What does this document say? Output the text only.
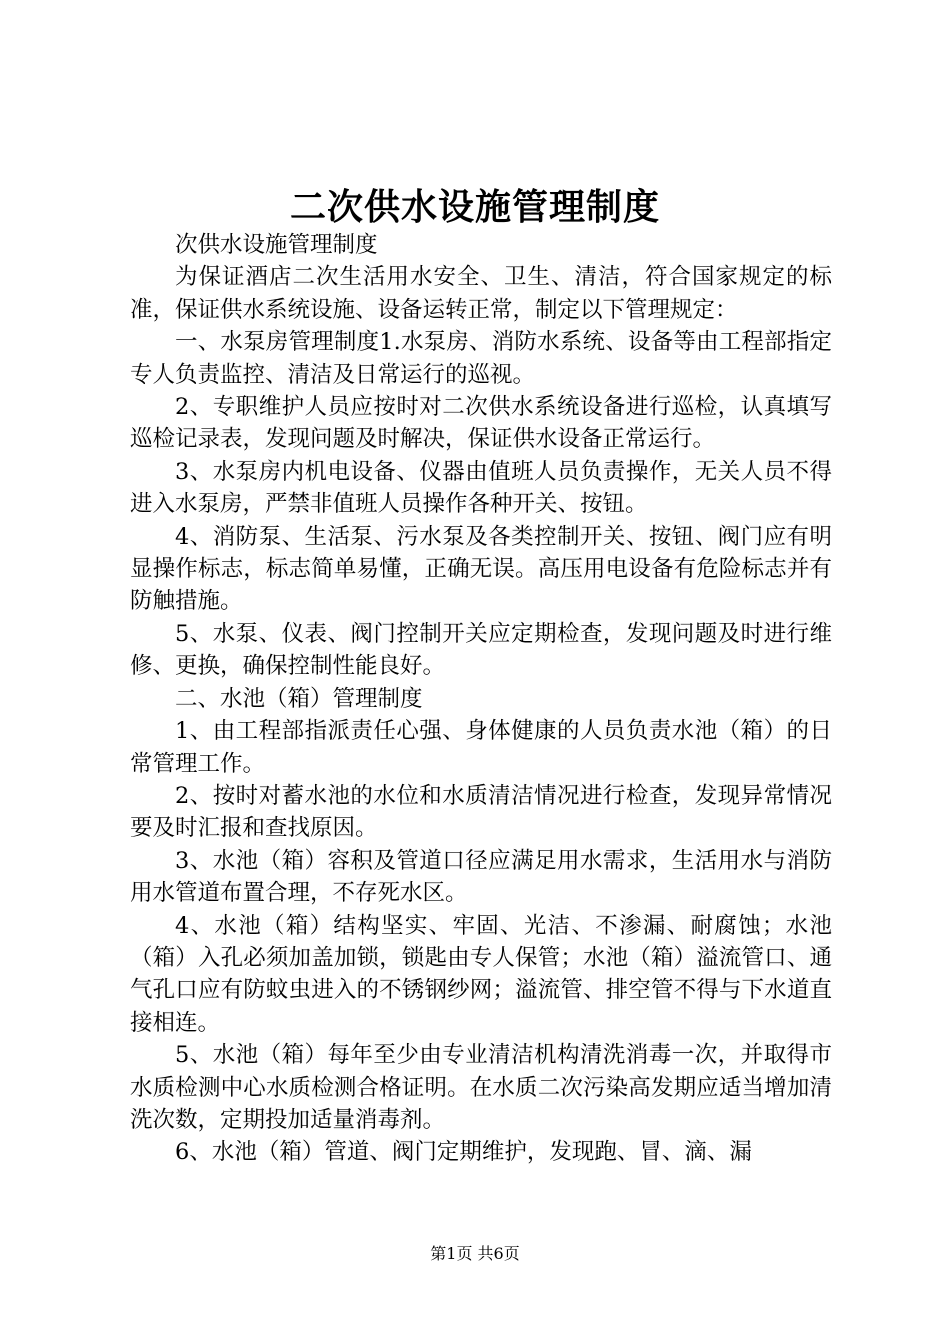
二次供水设施管理制度

次供水设施管理制度

为保证酒店二次生活用水安全、卫生、清洁，符合国家规定的标准，保证供水系统设施、设备运转正常，制定以下管理规定：

一、水泵房管理制度1.水泵房、消防水系统、设备等由工程部指定专人负责监控、清洁及日常运行的巡视。

2、专职维护人员应按时对二次供水系统设备进行巡检，认真填写巡检记录表，发现问题及时解决，保证供水设备正常运行。

3、水泵房内机电设备、仪器由值班人员负责操作，无关人员不得进入水泵房，严禁非值班人员操作各种开关、按钮。

4、消防泵、生活泵、污水泵及各类控制开关、按钮、阀门应有明显操作标志，标志简单易懂，正确无误。高压用电设备有危险标志并有防触措施。

5、水泵、仪表、阀门控制开关应定期检查，发现问题及时进行维修、更换，确保控制性能良好。

二、水池（箱）管理制度

1、由工程部指派责任心强、身体健康的人员负责水池（箱）的日常管理工作。

2、按时对蓄水池的水位和水质清洁情况进行检查，发现异常情况要及时汇报和查找原因。

3、水池（箱）容积及管道口径应满足用水需求，生活用水与消防用水管道布置合理，不存死水区。

4、水池（箱）结构坚实、牢固、光洁、不渗漏、耐腐蚀；水池（箱）入孔必须加盖加锁，锁匙由专人保管；水池（箱）溢流管口、通气孔口应有防蚊虫进入的不锈钢纱网；溢流管、排空管不得与下水道直接相连。

5、水池（箱）每年至少由专业清洁机构清洗消毒一次，并取得市水质检测中心水质检测合格证明。在水质二次污染高发期应适当增加清洗次数，定期投加适量消毒剂。

6、水池（箱）管道、阀门定期维护，发现跑、冒、滴、漏

第1页 共6页
